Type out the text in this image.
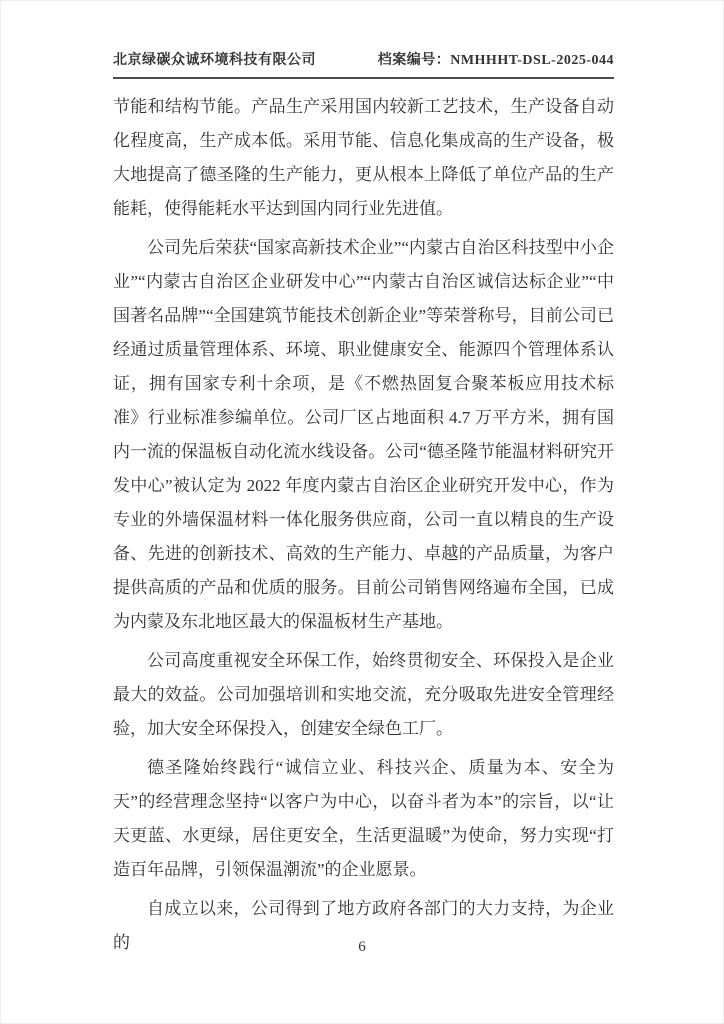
北京绿碳众诚环境科技有限公司	档案编号：NMHHHT-DSL-2025-044

节能和结构节能。产品生产采用国内较新工艺技术，生产设备自动化程度高，生产成本低。采用节能、信息化集成高的生产设备，极大地提高了德圣隆的生产能力，更从根本上降低了单位产品的生产能耗，使得能耗水平达到国内同行业先进值。

公司先后荣获“国家高新技术企业”“内蒙古自治区科技型中小企业”“内蒙古自治区企业研发中心”“内蒙古自治区诚信达标企业”“中国著名品牌”“全国建筑节能技术创新企业”等荣誉称号，目前公司已经通过质量管理体系、环境、职业健康安全、能源四个管理体系认证，拥有国家专利十余项，是《不燃热固复合聚苯板应用技术标准》行业标准参编单位。公司厂区占地面积 4.7 万平方米，拥有国内一流的保温板自动化流水线设备。公司“德圣隆节能温材料研究开发中心”被认定为 2022 年度内蒙古自治区企业研究开发中心，作为专业的外墙保温材料一体化服务供应商，公司一直以精良的生产设备、先进的创新技术、高效的生产能力、卓越的产品质量，为客户提供高质的产品和优质的服务。目前公司销售网络遍布全国，已成为内蒙及东北地区最大的保温板材生产基地。

公司高度重视安全环保工作，始终贯彻安全、环保投入是企业最大的效益。公司加强培训和实地交流，充分吸取先进安全管理经验，加大安全环保投入，创建安全绿色工厂。

德圣隆始终践行“诚信立业、科技兴企、质量为本、安全为天”的经营理念坚持“以客户为中心，以奋斗者为本”的宗旨，以“让天更蓝、水更绿，居住更安全，生活更温暖”为使命，努力实现“打造百年品牌，引领保温潮流”的企业愿景。

自成立以来，公司得到了地方政府各部门的大力支持，为企业的	6
